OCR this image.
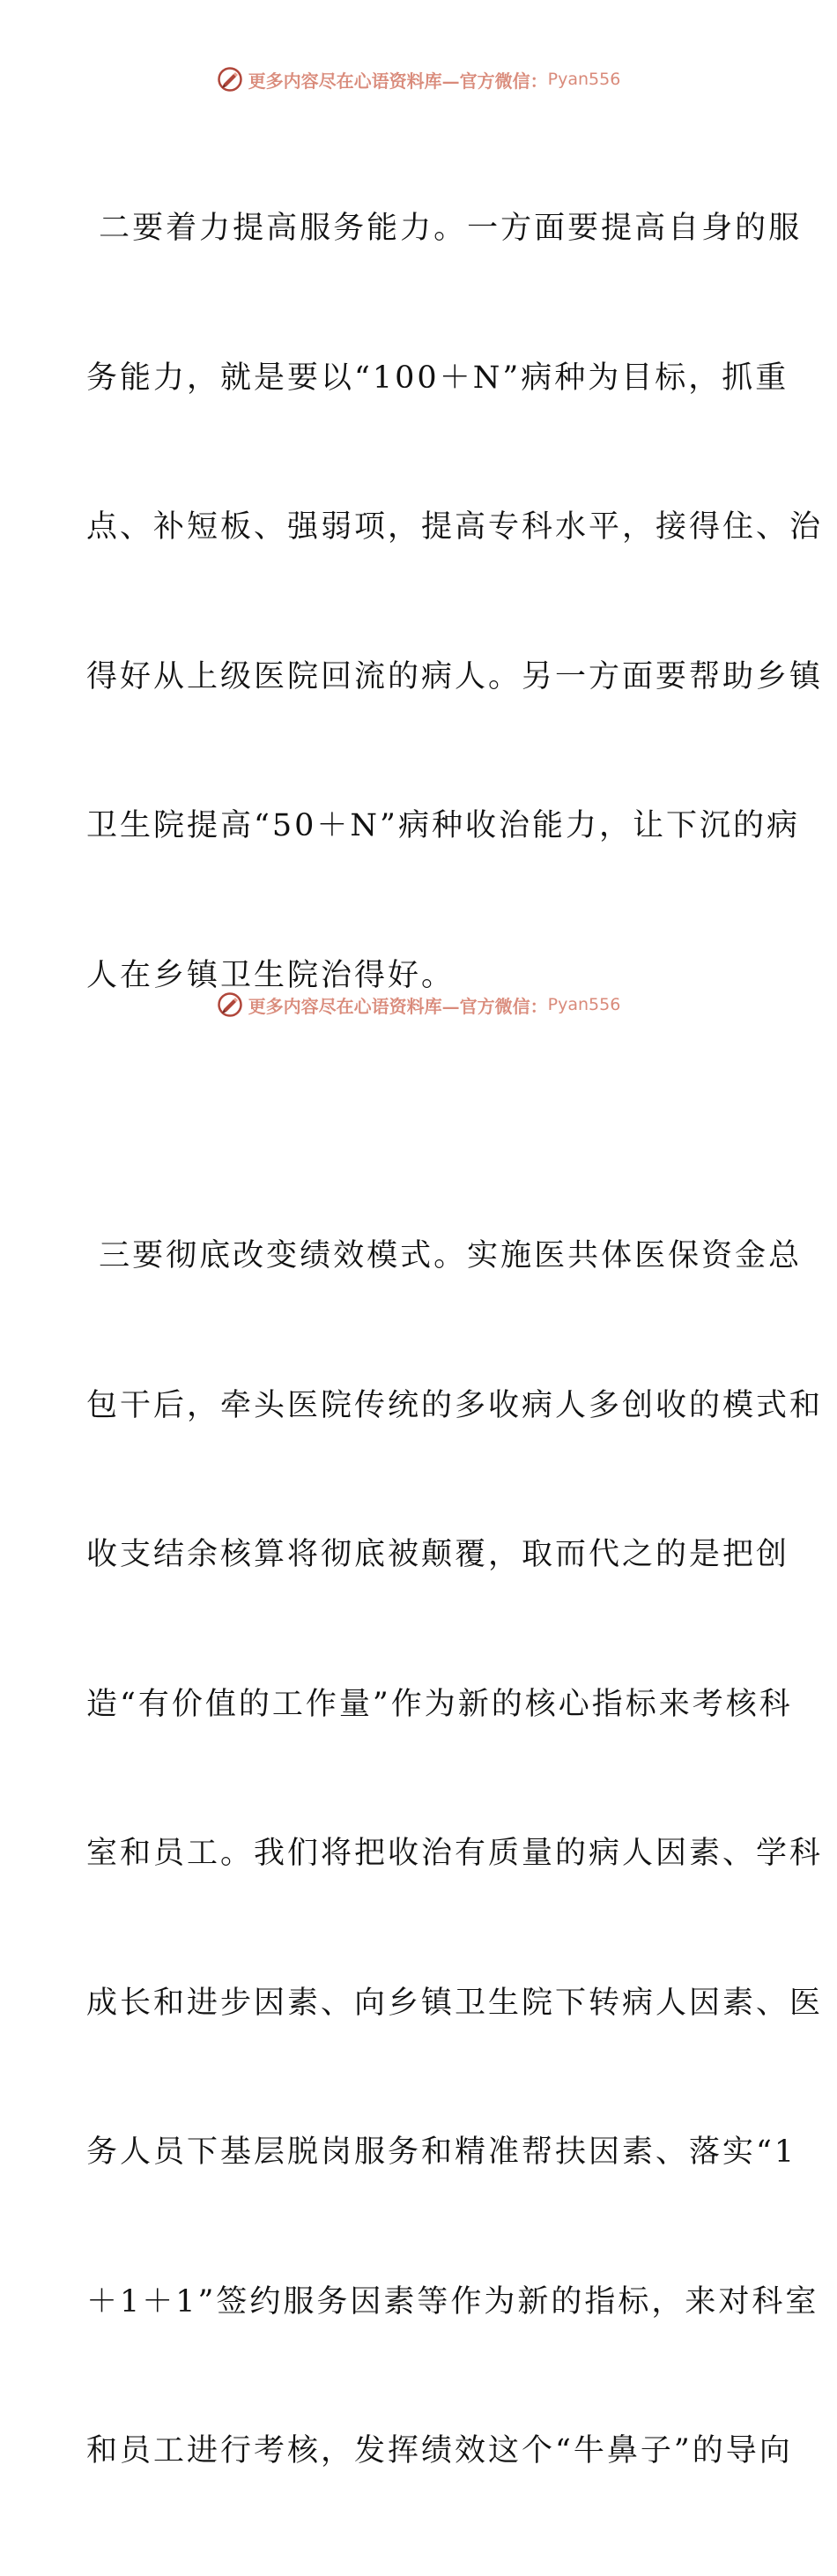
更多内容尽在心语资料库—官方微信： Pyan556

二要着力提高服务能力。一方面要提高自身的服

务能力，就是要以“100＋N”病种为目标，抓重

点、补短板、强弱项，提高专科水平，接得住、治

得好从上级医院回流的病人。另一方面要帮助乡镇

卫生院提高“50＋N”病种收治能力，让下沉的病

人在乡镇卫生院治得好。

三要彻底改变绩效模式。实施医共体医保资金总

包干后，牵头医院传统的多收病人多创收的模式和

收支结余核算将彻底被颠覆，取而代之的是把创

造“有价值的工作量”作为新的核心指标来考核科

室和员工。我们将把收治有质量的病人因素、学科

成长和进步因素、向乡镇卫生院下转病人因素、医

务人员下基层脱岗服务和精准帮扶因素、落实“1

＋1＋1”签约服务因素等作为新的指标，来对科室

和员工进行考核，发挥绩效这个“牛鼻子”的导向

更多内容尽在心语资料库—官方微信： Pyan556
